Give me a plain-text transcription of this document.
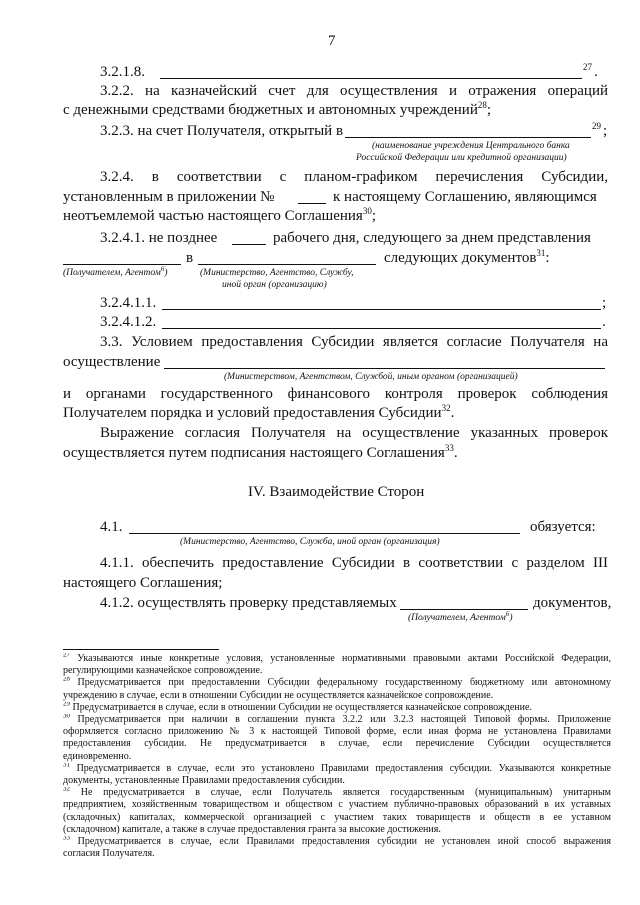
7
3.2.1.8.	27 .
3.2.2. на казначейский счет для осуществления и отражения операций
с денежными средствами бюджетных и автономных учреждений$^{28}$;
3.2.3. на счет Получателя, открытый в	29 ;
(наименование учреждения Центрального банка
Российской Федерации или кредитной организации)
3.2.4. в соответствии с планом-графиком перечисления Субсидии,
установленным в приложении №	к настоящему Соглашению, являющимся
неотъемлемой частью настоящего Соглашения$^{30}$;
3.2.4.1. не позднее	рабочего дня, следующего за днем представления
в	следующих документов$^{31}$:
(Получателем, Агентом$^6$)	(Министерство, Агентство, Службу,
иной орган (организацию)
3.2.4.1.1.	;
3.2.4.1.2.	.
3.3. Условием предоставления Субсидии является согласие Получателя на
осуществление
(Министерством, Агентством, Службой, иным органом (организацией)
и органами государственного финансового контроля проверок соблюдения
Получателем порядка и условий предоставления Субсидии$^{32}$.
Выражение согласия Получателя на осуществление указанных проверок
осуществляется путем подписания настоящего Соглашения$^{33}$.
IV. Взаимодействие Сторон
4.1.	обязуется:
(Министерство, Агентство, Служба, иной орган (организация)
4.1.1. обеспечить предоставление Субсидии в соответствии с разделом III
настоящего Соглашения;
4.1.2. осуществлять проверку представляемых	документов,
(Получателем, Агентом$^6$)
$^{27}$ Указываются иные конкретные условия, установленные нормативными правовыми актами Российской Федерации,
регулирующими казначейское сопровождение.
$^{28}$ Предусматривается при предоставлении Субсидии федеральному государственному бюджетному или автономному
учреждению в случае, если в отношении Субсидии не осуществляется казначейское сопровождение.
$^{29}$ Предусматривается в случае, если в отношении Субсидии не осуществляется казначейское сопровождение.
$^{30}$ Предусматривается при наличии в соглашении пункта 3.2.2 или 3.2.3 настоящей Типовой формы. Приложение
оформляется согласно приложению № 3 к настоящей Типовой форме, если иная форма не установлена Правилами
предоставления субсидии. Не предусматривается в случае, если перечисление Субсидии осуществляется
единовременно.
$^{31}$ Предусматривается в случае, если это установлено Правилами предоставления субсидии. Указываются конкретные
документы, установленные Правилами предоставления субсидии.
$^{32}$ Не предусматривается в случае, если Получатель является государственным (муниципальным) унитарным
предприятием, хозяйственным товариществом и обществом с участием публично-правовых образований в их уставных
(складочных) капиталах, коммерческой организацией с участием таких товариществ и обществ в ее уставном
(складочном) капитале, а также в случае предоставления гранта за высокие достижения.
$^{33}$ Предусматривается в случае, если Правилами предоставления субсидии не установлен иной способ выражения
согласия Получателя.
